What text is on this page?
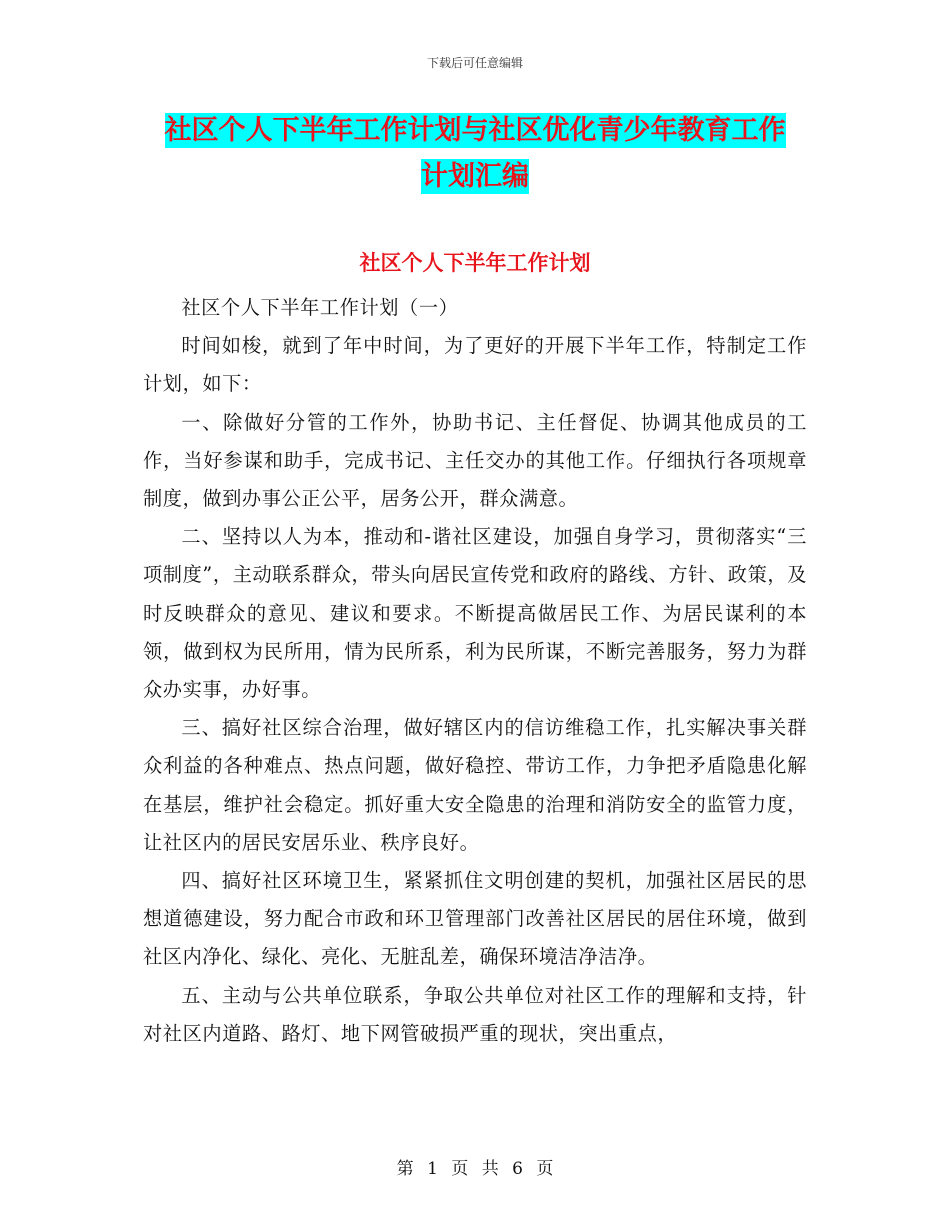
下载后可任意编辑
社区个人下半年工作计划与社区优化青少年教育工作
计划汇编
社区个人下半年工作计划

社区个人下半年工作计划（一）

时间如梭，就到了年中时间，为了更好的开展下半年工作，特制定工作计划，如下：

一、除做好分管的工作外，协助书记、主任督促、协调其他成员的工作，当好参谋和助手，完成书记、主任交办的其他工作。仔细执行各项规章制度，做到办事公正公平，居务公开，群众满意。

二、坚持以人为本，推动和-谐社区建设，加强自身学习，贯彻落实“三项制度”，主动联系群众，带头向居民宣传党和政府的路线、方针、政策，及时反映群众的意见、建议和要求。不断提高做居民工作、为居民谋利的本领，做到权为民所用，情为民所系，利为民所谋，不断完善服务，努力为群众办实事，办好事。

三、搞好社区综合治理，做好辖区内的信访维稳工作，扎实解决事关群众利益的各种难点、热点问题，做好稳控、带访工作，力争把矛盾隐患化解在基层，维护社会稳定。抓好重大安全隐患的治理和消防安全的监管力度，让社区内的居民安居乐业、秩序良好。

四、搞好社区环境卫生，紧紧抓住文明创建的契机，加强社区居民的思想道德建设，努力配合市政和环卫管理部门改善社区居民的居住环境，做到社区内净化、绿化、亮化、无脏乱差，确保环境洁净洁净。

五、主动与公共单位联系，争取公共单位对社区工作的理解和支持，针对社区内道路、路灯、地下网管破损严重的现状，突出重点，

第 1 页 共 6 页
